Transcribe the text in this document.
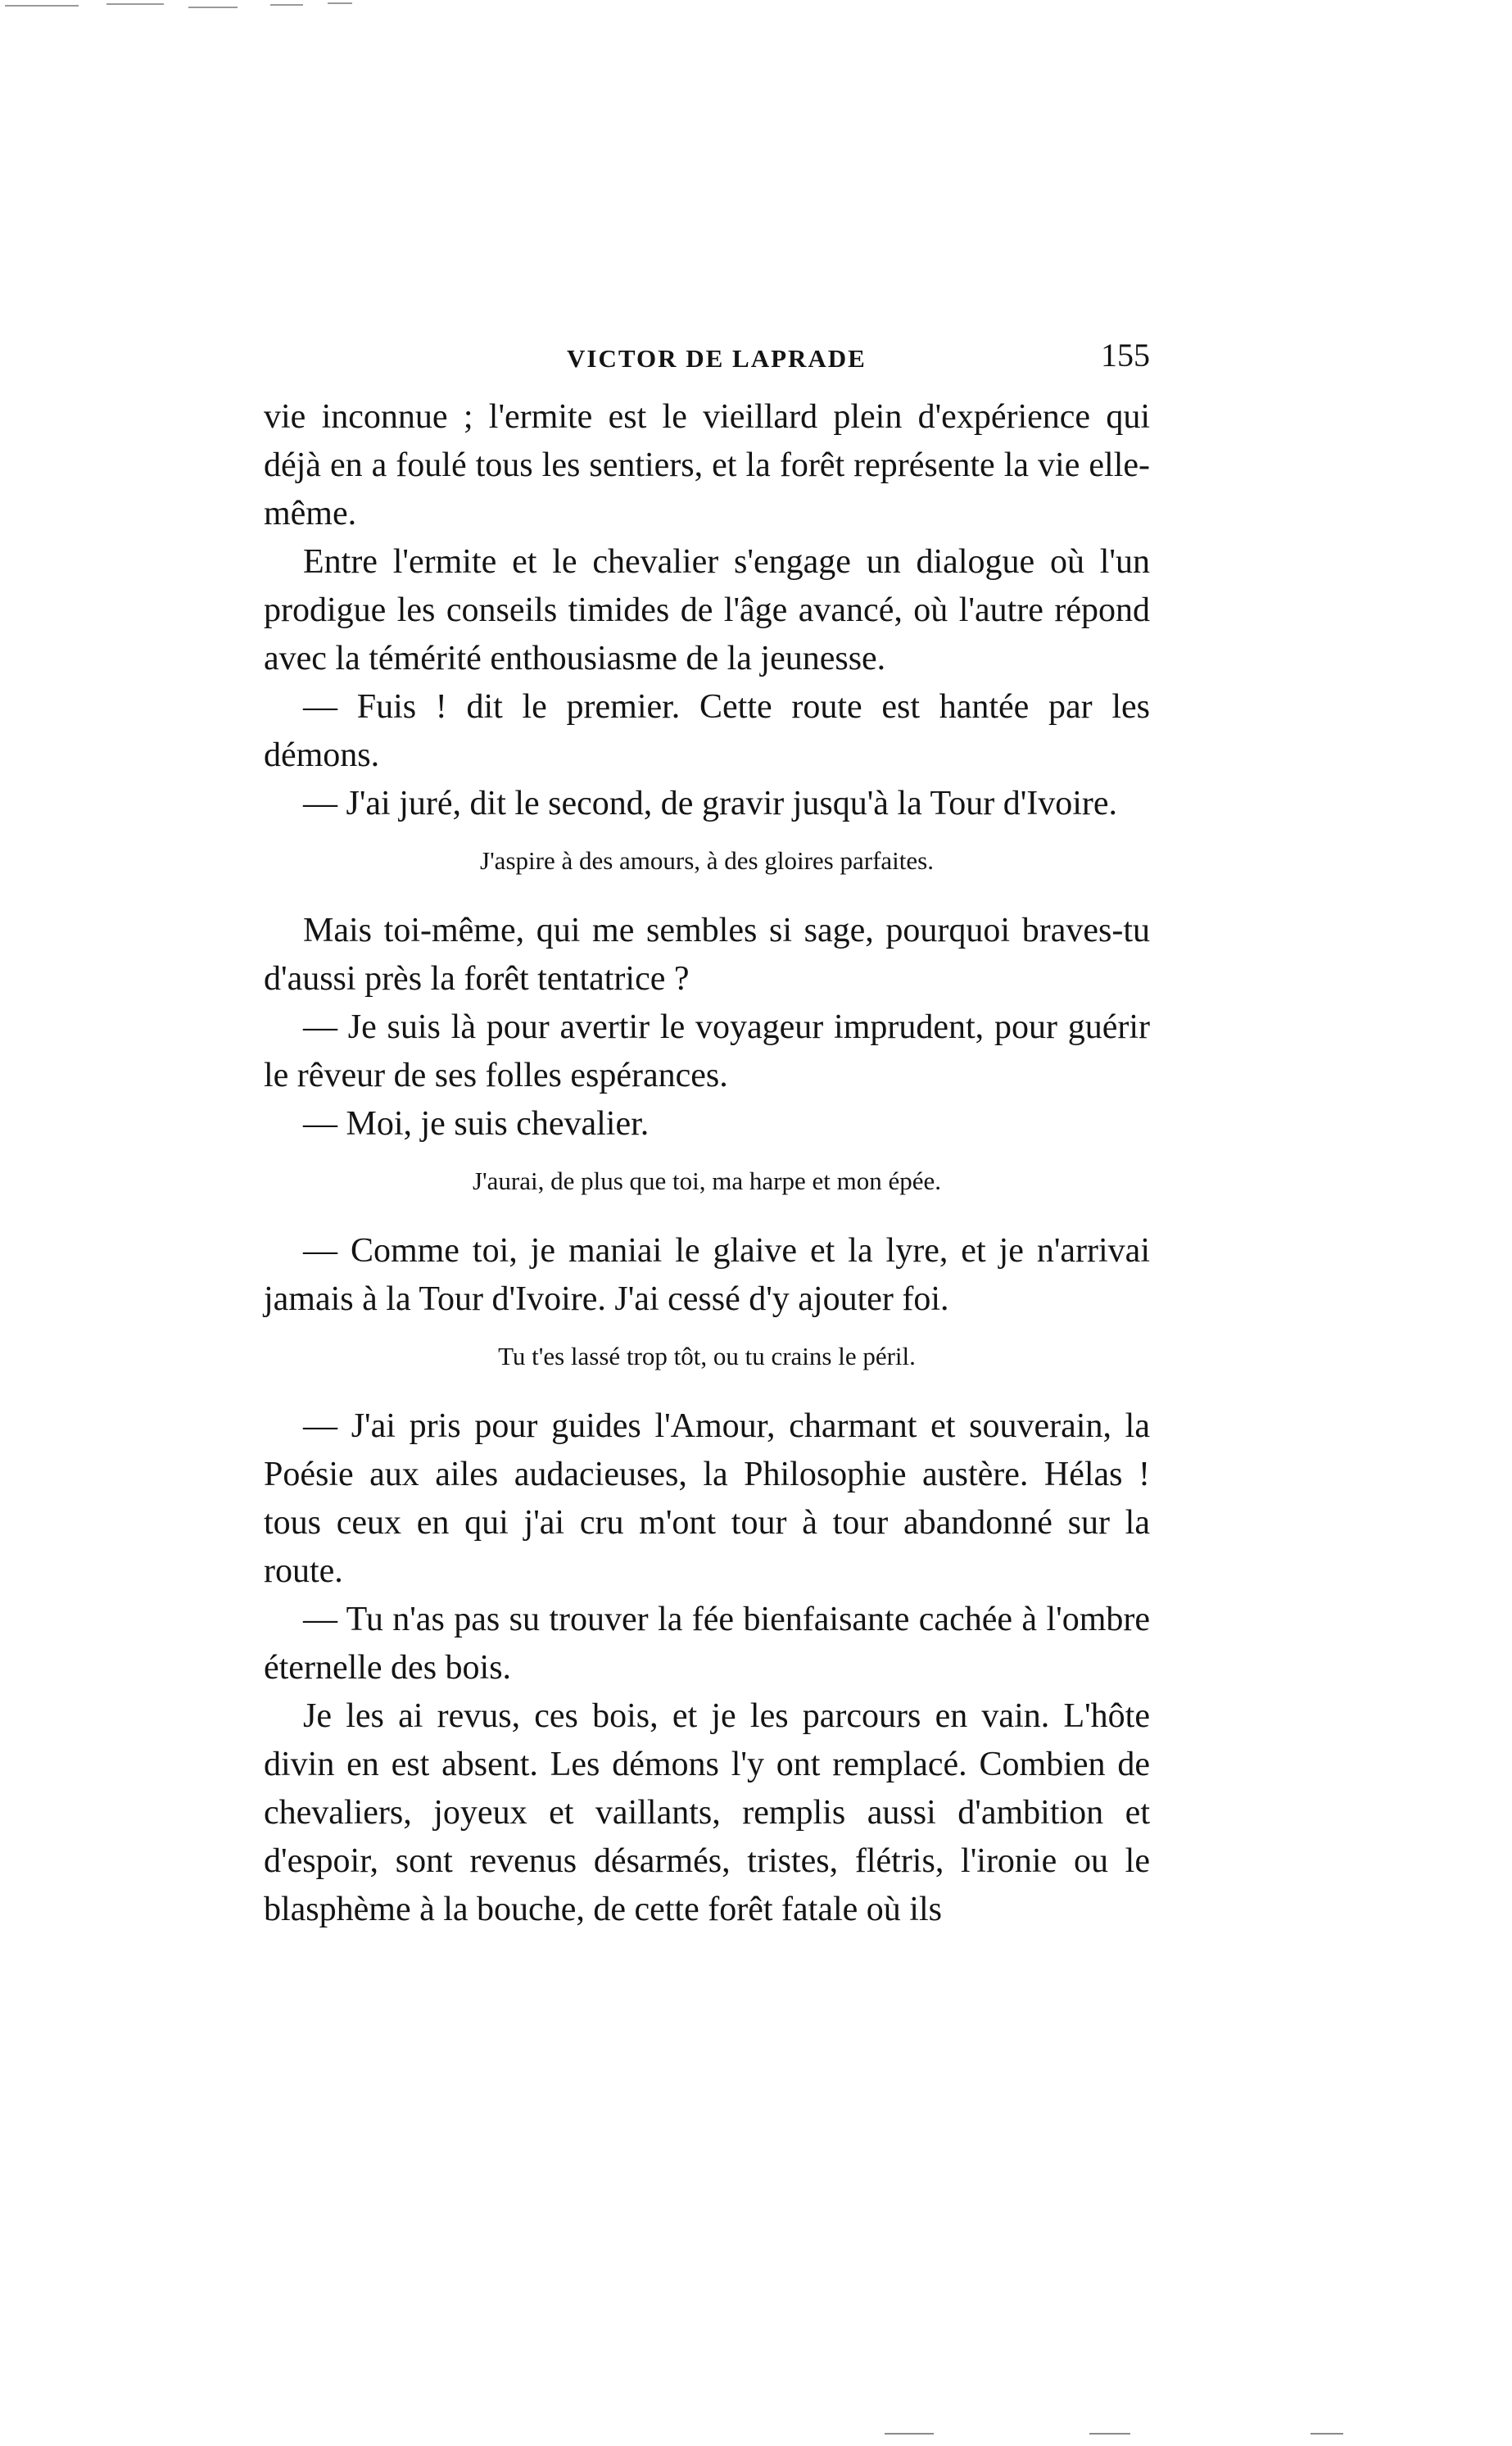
VICTOR DE LAPRADE	155

vie inconnue ; l'ermite est le vieillard plein d'expérience qui déjà en a foulé tous les sentiers, et la forêt représente la vie elle-même.

Entre l'ermite et le chevalier s'engage un dialogue où l'un prodigue les conseils timides de l'âge avancé, où l'autre répond avec la témérité enthousiasme de la jeunesse.

— Fuis ! dit le premier. Cette route est hantée par les démons.

— J'ai juré, dit le second, de gravir jusqu'à la Tour d'Ivoire.

J'aspire à des amours, à des gloires parfaites.

Mais toi-même, qui me sembles si sage, pourquoi braves-tu d'aussi près la forêt tentatrice ?

— Je suis là pour avertir le voyageur imprudent, pour guérir le rêveur de ses folles espérances.

— Moi, je suis chevalier.

J'aurai, de plus que toi, ma harpe et mon épée.

— Comme toi, je maniai le glaive et la lyre, et je n'arrivai jamais à la Tour d'Ivoire. J'ai cessé d'y ajouter foi.

Tu t'es lassé trop tôt, ou tu crains le péril.

— J'ai pris pour guides l'Amour, charmant et souverain, la Poésie aux ailes audacieuses, la Philosophie austère. Hélas ! tous ceux en qui j'ai cru m'ont tour à tour abandonné sur la route.

— Tu n'as pas su trouver la fée bienfaisante cachée à l'ombre éternelle des bois.

Je les ai revus, ces bois, et je les parcours en vain. L'hôte divin en est absent. Les démons l'y ont remplacé. Combien de chevaliers, joyeux et vaillants, remplis aussi d'ambition et d'espoir, sont revenus désarmés, tristes, flétris, l'ironie ou le blasphème à la bouche, de cette forêt fatale où ils
